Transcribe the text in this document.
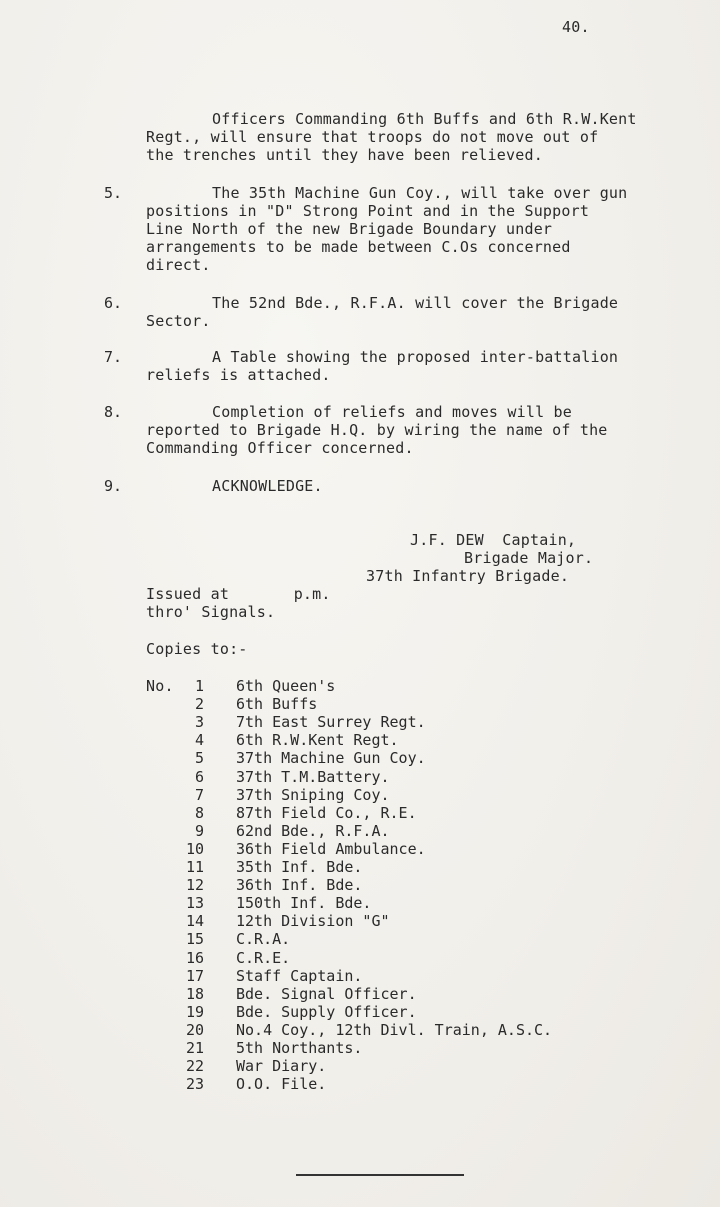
40.
Officers Commanding 6th Buffs and 6th R.W.Kent
Regt., will ensure that troops do not move out of
the trenches until they have been relieved.
5.	The 35th Machine Gun Coy., will take over gun
positions in "D" Strong Point and in the Support
Line North of the new Brigade Boundary under
arrangements to be made between C.Os concerned
direct.
6.	The 52nd Bde., R.F.A. will cover the Brigade
Sector.
7.	A Table showing the proposed inter-battalion
reliefs is attached.
8.	Completion of reliefs and moves will be
reported to Brigade H.Q. by wiring the name of the
Commanding Officer concerned.
9.	ACKNOWLEDGE.
J.F. DEW  Captain,
Brigade Major.
37th Infantry Brigade.
Issued at       p.m.
thro' Signals.
Copies to:-
No.	1 6th Queen's
2 6th Buffs
3 7th East Surrey Regt.
4 6th R.W.Kent Regt.
5 37th Machine Gun Coy.
6 37th T.M.Battery.
7 37th Sniping Coy.
8 87th Field Co., R.E.
9 62nd Bde., R.F.A.
10 36th Field Ambulance.
11 35th Inf. Bde.
12 36th Inf. Bde.
13 150th Inf. Bde.
14 12th Division "G"
15 C.R.A.
16 C.R.E.
17 Staff Captain.
18 Bde. Signal Officer.
19 Bde. Supply Officer.
20 No.4 Coy., 12th Divl. Train, A.S.C.
21 5th Northants.
22 War Diary.
23 O.O. File.
